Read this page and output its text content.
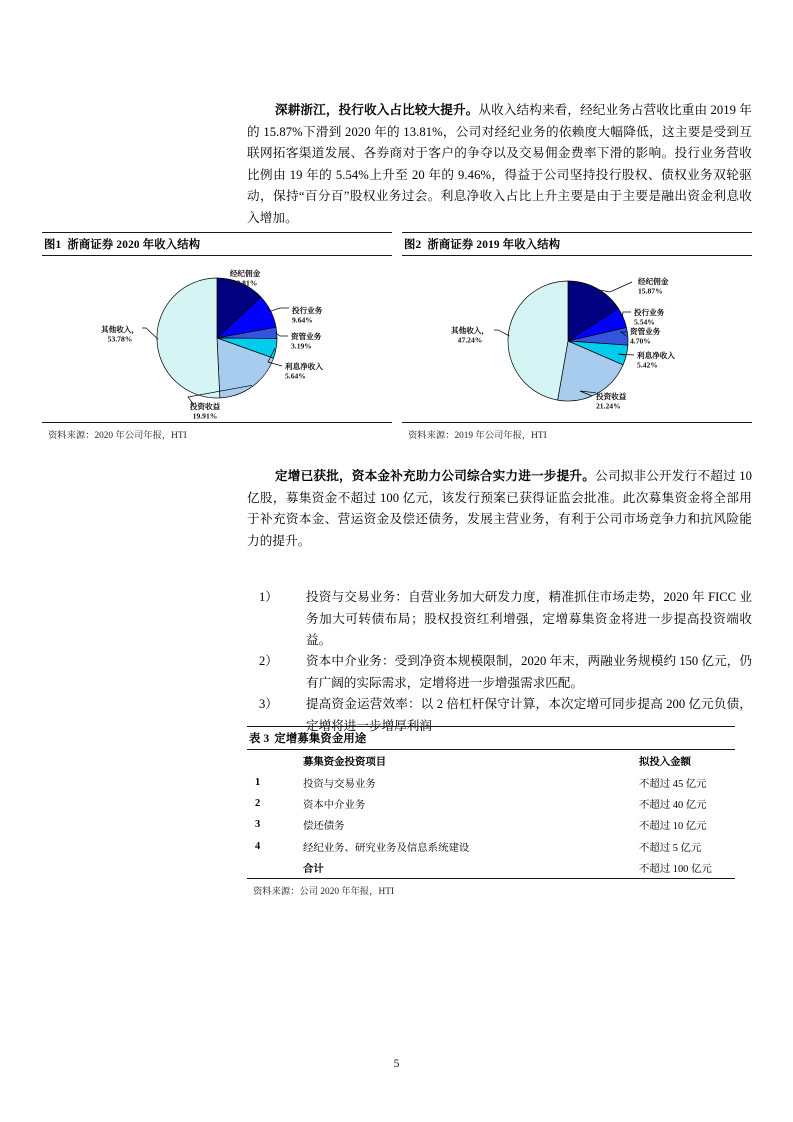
深耕浙江，投行收入占比较大提升。从收入结构来看，经纪业务占营收比重由 2019 年的 15.87%下滑到 2020 年的 13.81%，公司对经纪业务的依赖度大幅降低，这主要是受到互联网拓客渠道发展、各券商对于客户的争夺以及交易佣金费率下滑的影响。投行业务营收比例由 19 年的 5.54%上升至 20 年的 9.46%，得益于公司坚持投行股权、债权业务双轮驱动，保持“百分百”股权业务过会。利息净收入占比上升主要是由于主要是融出资金利息收入增加。

图1 浙商证券 2020 年收入结构
经纪佣金
13.81%
投行业务
9.64%
资管业务
3.19%
利息净收入
5.64%
投资收益
19.91%
其他收入，
53.78%
资料来源：2020 年公司年报，HTI
图2 浙商证券 2019 年收入结构
经纪佣金
15.87%
投行业务
5.54%
资管业务
4.70%
利息净收入
5.42%
投资收益
21.24%
其他收入，
47.24%
资料来源：2019 年公司年报，HTI

定增已获批，资本金补充助力公司综合实力进一步提升。公司拟非公开发行不超过 10 亿股，募集资金不超过 100 亿元，该发行预案已获得证监会批准。此次募集资金将全部用于补充资本金、营运资金及偿还债务，发展主营业务，有利于公司市场竞争力和抗风险能力的提升。

1）	投资与交易业务：自营业务加大研发力度，精准抓住市场走势，2020 年 FICC 业务加大可转债布局；股权投资红利增强，定增募集资金将进一步提高投资端收益。
2）	资本中介业务：受到净资本规模限制，2020 年末，两融业务规模约 150 亿元，仍有广阔的实际需求，定增将进一步增强需求匹配。
3）	提高资金运营效率：以 2 倍杠杆保守计算，本次定增可同步提高 200 亿元负债，定增将进一步增厚利润
表 3 定增募集资金用途
	募集资金投资项目	拟投入金额
1	投资与交易业务	不超过 45 亿元
2	资本中介业务	不超过 40 亿元
3	偿还债务	不超过 10 亿元
4	经纪业务、研究业务及信息系统建设	不超过 5 亿元
	合计	不超过 100 亿元
资料来源：公司 2020 年年报，HTI
5
